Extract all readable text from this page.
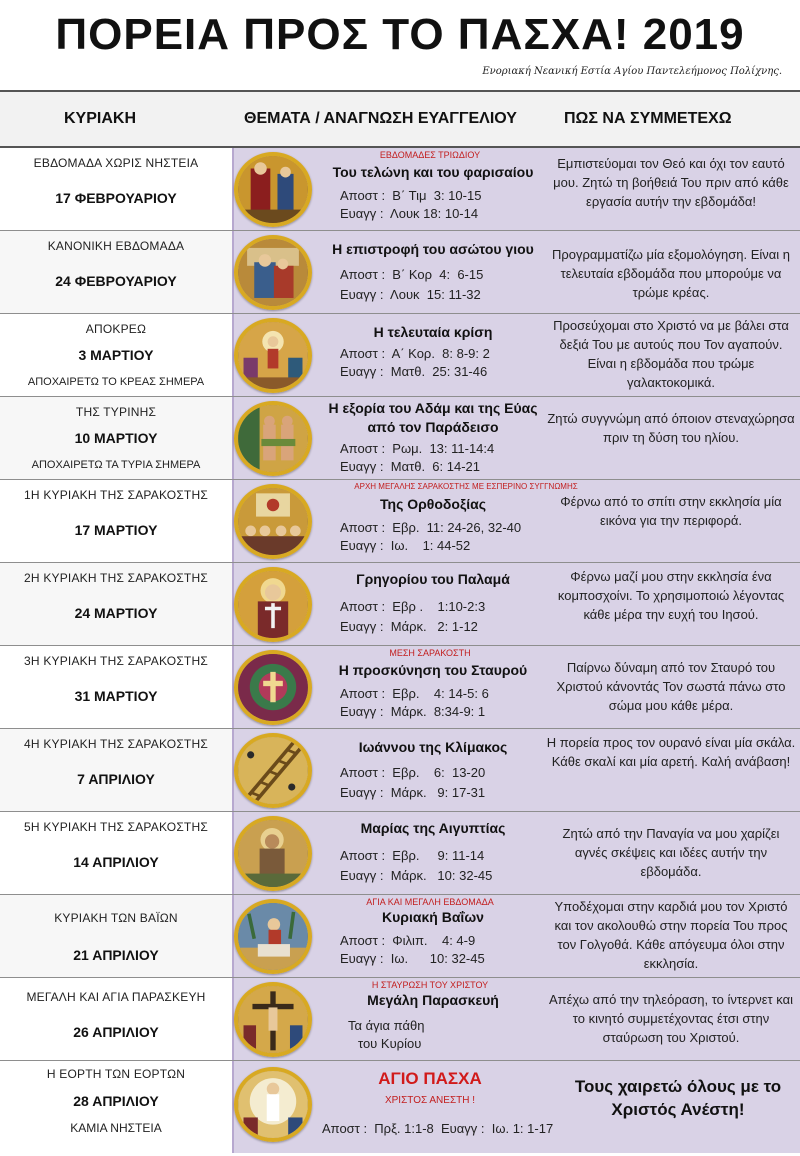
ΠΟΡΕΙΑ ΠΡΟΣ ΤΟ ΠΑΣΧΑ! 2019
Ενοριακή Νεανική Εστία Αγίου Παντελεήμονος Πολίχνης.
ΚΥΡΙΑΚΗ	ΘΕΜΑΤΑ / ΑΝΑΓΝΩΣΗ ΕΥΑΓΓΕΛΙΟΥ	ΠΩΣ ΝΑ ΣΥΜΜΕΤΕΧΩ
ΕΒΔΟΜΑΔΑ ΧΩΡΙΣ ΝΗΣΤΕΙΑ
17 ΦΕΒΡΟΥΑΡΙΟΥ
ΕΒΔΟΜΑΔΕΣ ΤΡΙΩΔΙΟΥ
Του τελώνη και του φαρισαίου
Αποστ :  Β΄ Τιμ  3: 10-15
Ευαγγ :  Λουκ 18: 10-14
Εμπιστεύομαι τον Θεό και όχι τον εαυτό μου. Ζητώ τη βοήθειά Του πριν από κάθε εργασία αυτήν την εβδομάδα!
ΚΑΝΟΝΙΚΗ ΕΒΔΟΜΑΔΑ
24 ΦΕΒΡΟΥΑΡΙΟΥ
Η επιστροφή του ασώτου γιου
Αποστ :  Β΄ Κορ  4:  6-15
Ευαγγ :  Λουκ  15: 11-32
Προγραμματίζω μία εξομολόγηση. Είναι η τελευταία εβδομάδα που μπορούμε να τρώμε κρέας.
ΑΠΟΚΡΕΩ
3 ΜΑΡΤΙΟΥ
ΑΠΟΧΑΙΡΕΤΩ ΤΟ ΚΡΕΑΣ ΣΗΜΕΡΑ
Η τελευταία κρίση
Αποστ :  Α΄ Κορ.  8: 8-9: 2
Ευαγγ :  Ματθ.  25: 31-46
Προσεύχομαι στο Χριστό να με βάλει στα δεξιά Του με αυτούς που Τον αγαπούν. Είναι η εβδομάδα που τρώμε γαλακτοκομικά.
ΤΗΣ ΤΥΡΙΝΗΣ
10 ΜΑΡΤΙΟΥ
ΑΠΟΧΑΙΡΕΤΩ ΤΑ ΤΥΡΙΑ ΣΗΜΕΡΑ
Η εξορία του Αδάμ και της Εύας από τον Παράδεισο
Αποστ :  Ρωμ.  13: 11-14:4
Ευαγγ :  Ματθ.  6: 14-21
Ζητώ συγγνώμη από όποιον στεναχώρησα πριν τη δύση του ηλίου.
1Η ΚΥΡΙΑΚΗ ΤΗΣ ΣΑΡΑΚΟΣΤΗΣ
17 ΜΑΡΤΙΟΥ
ΑΡΧΗ ΜΕΓΑΛΗΣ ΣΑΡΑΚΟΣΤΗΣ ΜΕ ΕΣΠΕΡΙΝΟ ΣΥΓΓΝΩΜΗΣ
Της Ορθοδοξίας
Αποστ :  Εβρ.  11: 24-26, 32-40
Ευαγγ :  Ιω.    1: 44-52
Φέρνω από το σπίτι στην εκκλησία μία εικόνα για την περιφορά.
2Η ΚΥΡΙΑΚΗ ΤΗΣ ΣΑΡΑΚΟΣΤΗΣ
24 ΜΑΡΤΙΟΥ
Γρηγορίου του Παλαμά
Αποστ :  Εβρ .    1:10-2:3
Ευαγγ :  Μάρκ.   2: 1-12
Φέρνω μαζί μου στην εκκλησία ένα κομποσχοίνι. Το χρησιμοποιώ λέγοντας κάθε μέρα την ευχή του Ιησού.
3Η ΚΥΡΙΑΚΗ ΤΗΣ ΣΑΡΑΚΟΣΤΗΣ
31 ΜΑΡΤΙΟΥ
ΜΕΣΗ ΣΑΡΑΚΟΣΤΗ
Η προσκύνηση του Σταυρού
Αποστ :  Εβρ.    4: 14-5: 6
Ευαγγ :  Μάρκ.  8:34-9: 1
Παίρνω δύναμη από τον Σταυρό του Χριστού κάνοντάς Τον σωστά πάνω στο σώμα μου κάθε μέρα.
4Η ΚΥΡΙΑΚΗ ΤΗΣ ΣΑΡΑΚΟΣΤΗΣ
7 ΑΠΡΙΛΙΟΥ
Ιωάννου της Κλίμακος
Αποστ :  Εβρ.    6:  13-20
Ευαγγ :  Μάρκ.   9: 17-31
Η πορεία προς τον ουρανό είναι μία σκάλα. Κάθε σκαλί και μία αρετή. Καλή ανάβαση!
5Η ΚΥΡΙΑΚΗ ΤΗΣ ΣΑΡΑΚΟΣΤΗΣ
14 ΑΠΡΙΛΙΟΥ
Μαρίας της Αιγυπτίας
Αποστ :  Εβρ.     9: 11-14
Ευαγγ :  Μάρκ.   10: 32-45
Ζητώ από την Παναγία να μου χαρίζει αγνές σκέψεις και ιδέες αυτήν την εβδομάδα.
ΚΥΡΙΑΚΗ ΤΩΝ ΒΑΪΩΝ
21 ΑΠΡΙΛΙΟΥ
ΑΓΙΑ ΚΑΙ ΜΕΓΑΛΗ ΕΒΔΟΜΑΔΑ
Κυριακή Βαΐων
Αποστ :  Φιλιπ.    4: 4-9
Ευαγγ :  Ιω.      10: 32-45
Υποδέχομαι στην καρδιά μου τον Χριστό και τον ακολουθώ στην πορεία Του προς τον Γολγοθά. Κάθε απόγευμα όλοι στην εκκλησία.
ΜΕΓΑΛΗ ΚΑΙ ΑΓΙΑ ΠΑΡΑΣΚΕΥΗ
26 ΑΠΡΙΛΙΟΥ
Η ΣΤΑΥΡΩΣΗ ΤΟΥ ΧΡΙΣΤΟΥ
Μεγάλη Παρασκευή
Τα άγια πάθη
του Κυρίου
Απέχω από την τηλεόραση, το ίντερνετ και το κινητό συμμετέχοντας έτσι στην σταύρωση του Χριστού.
Η ΕΟΡΤΗ ΤΩΝ ΕΟΡΤΩΝ
28 ΑΠΡΙΛΙΟΥ
ΚΑΜΙΑ ΝΗΣΤΕΙΑ
ΑΓΙΟ ΠΑΣΧΑ
ΧΡΙΣΤΟΣ ΑΝΕΣΤΗ !
Αποστ :  Πρξ. 1:1-8  Ευαγγ :  Ιω. 1: 1-17
Τους χαιρετώ όλους με το Χριστός Ανέστη!
